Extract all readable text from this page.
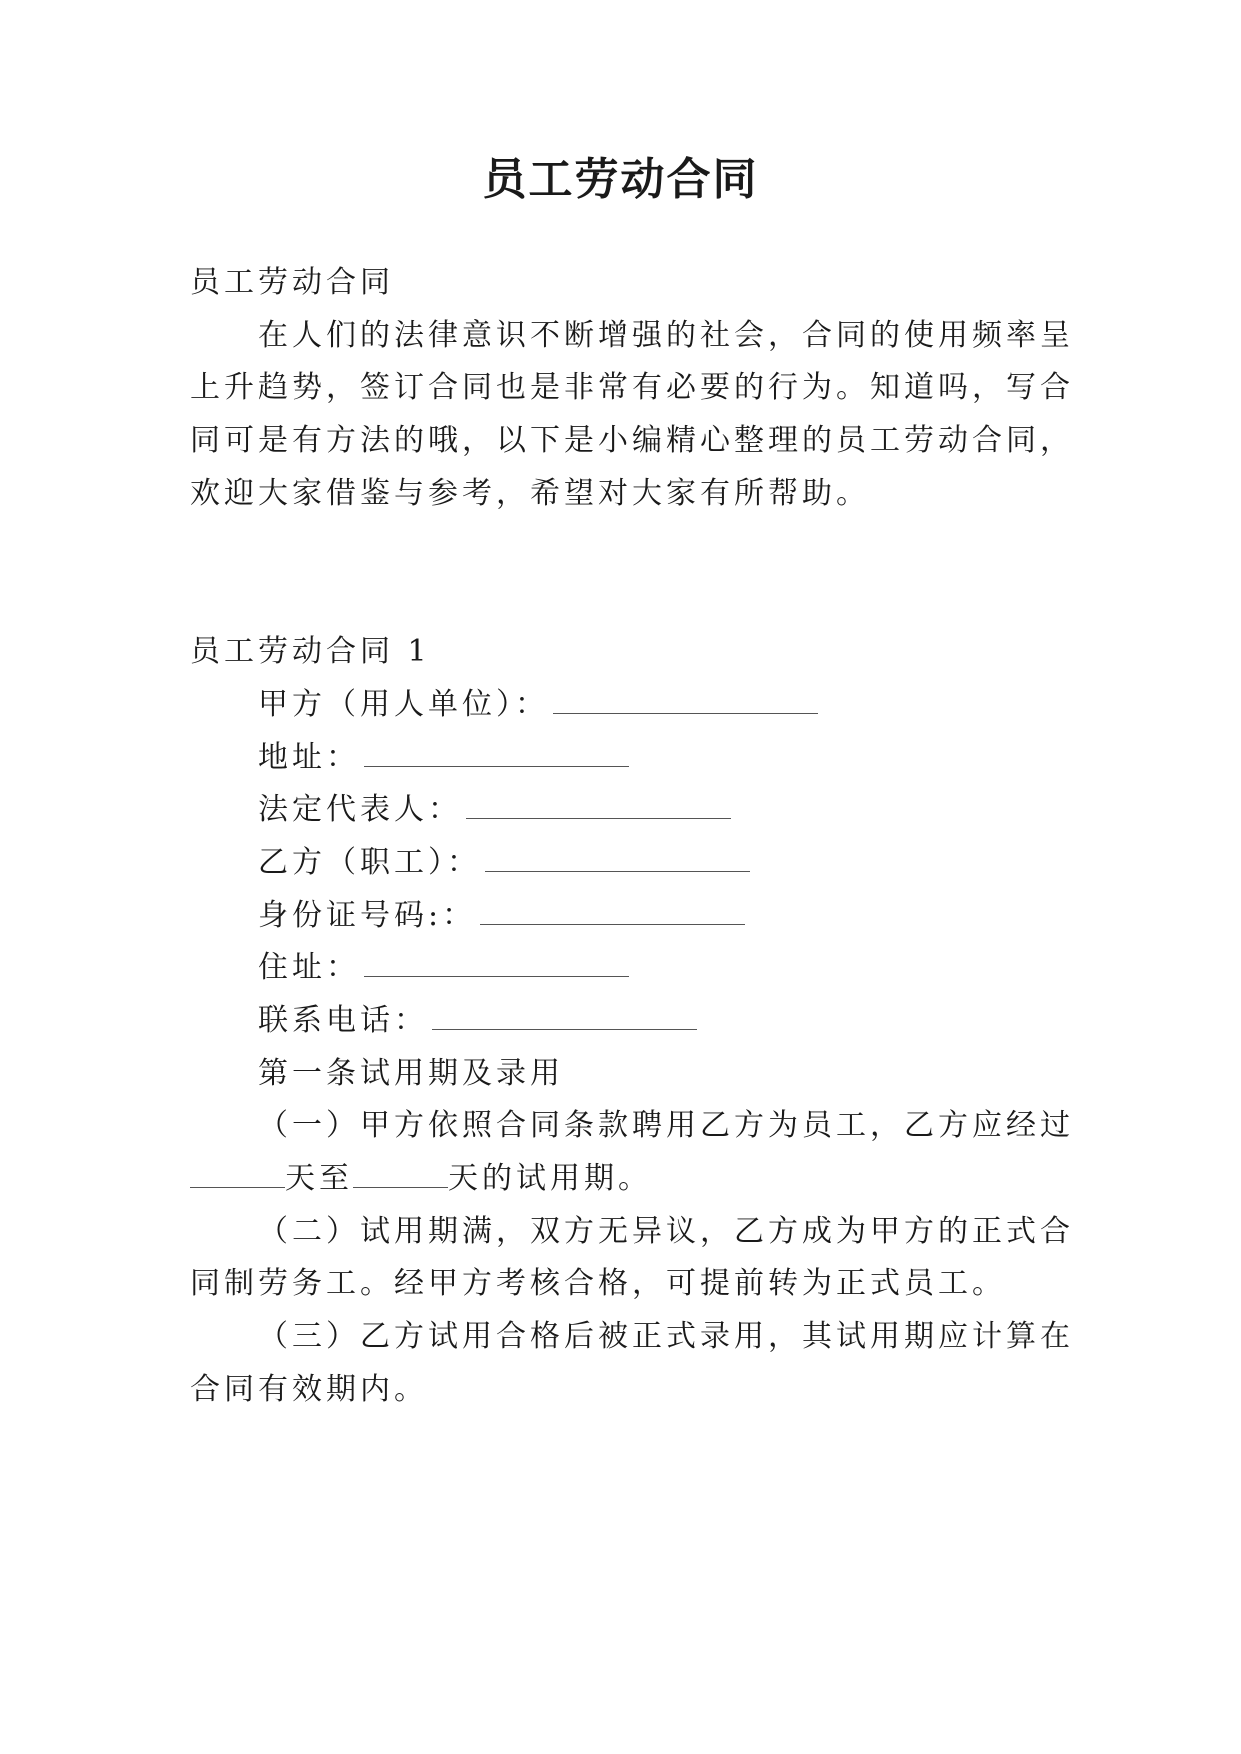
员工劳动合同
员工劳动合同
在人们的法律意识不断增强的社会，合同的使用频率呈
上升趋势，签订合同也是非常有必要的行为。知道吗，写合
同可是有方法的哦，以下是小编精心整理的员工劳动合同，
欢迎大家借鉴与参考，希望对大家有所帮助。
员工劳动合同 1
甲方（用人单位）：
地址：
法定代表人：
乙方（职工）：
身份证号码:：
住址：
联系电话：
第一条试用期及录用
（一）甲方依照合同条款聘用乙方为员工，乙方应经过
天至	天的试用期。
（二）试用期满，双方无异议，乙方成为甲方的正式合
同制劳务工。经甲方考核合格，可提前转为正式员工。
（三）乙方试用合格后被正式录用，其试用期应计算在
合同有效期内。
